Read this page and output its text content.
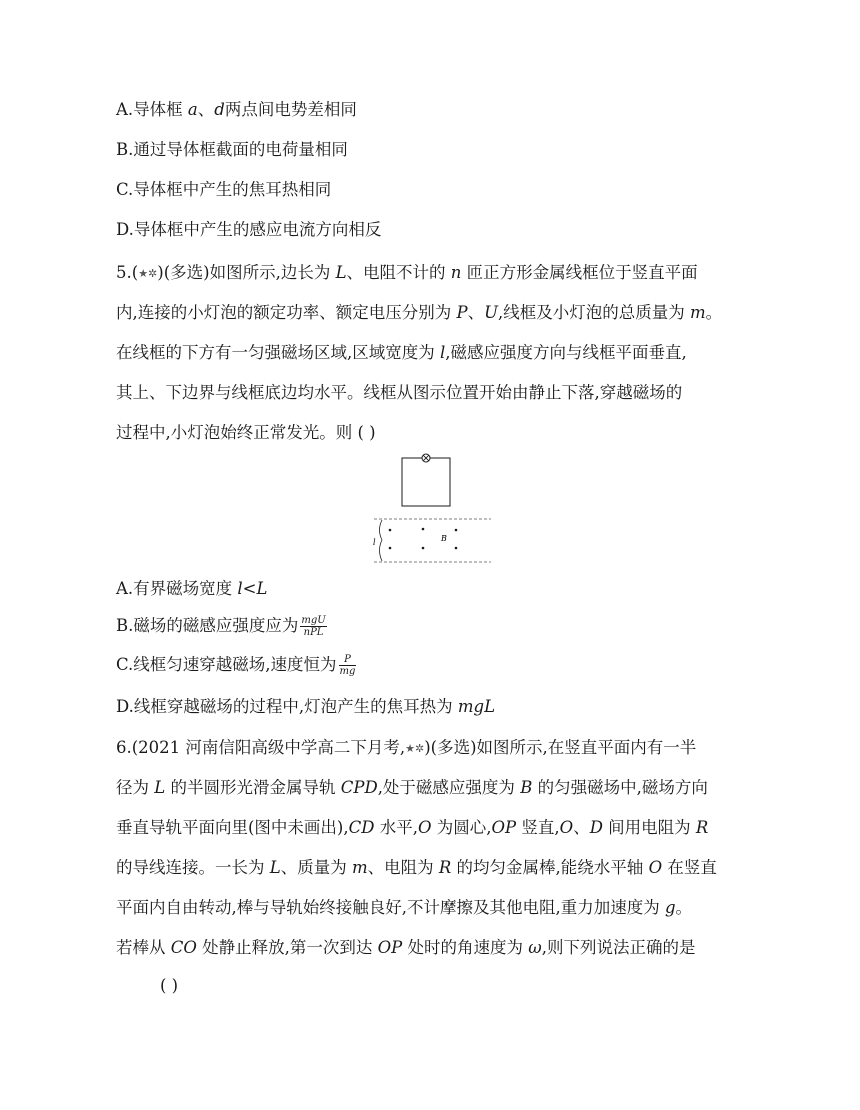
A.导体框 a、d两点间电势差相同
B.通过导体框截面的电荷量相同
C.导体框中产生的焦耳热相同
D.导体框中产生的感应电流方向相反
5.(★✲)(多选)如图所示,边长为 L、电阻不计的 n 匝正方形金属线框位于竖直平面
内,连接的小灯泡的额定功率、额定电压分别为 P、U,线框及小灯泡的总质量为 m。
在线框的下方有一匀强磁场区域,区域宽度为 l,磁感应强度方向与线框平面垂直,
其上、下边界与线框底边均水平。线框从图示位置开始由静止下落,穿越磁场的
过程中,小灯泡始终正常发光。则 ( )
l	B
A.有界磁场宽度 l<L
B.磁场的磁感应强度应为 $\frac{\text{mgU}}{\text{nPL}}$
C.线框匀速穿越磁场,速度恒为 $\frac{P}{mg}$
D.线框穿越磁场的过程中,灯泡产生的焦耳热为 mgL
6.(2021 河南信阳高级中学高二下月考,★✲)(多选)如图所示,在竖直平面内有一半
径为 L 的半圆形光滑金属导轨 CPD,处于磁感应强度为 B 的匀强磁场中,磁场方向
垂直导轨平面向里(图中未画出),CD 水平,O 为圆心,OP 竖直,O、D 间用电阻为 R
的导线连接。一长为 L、质量为 m、电阻为 R 的均匀金属棒,能绕水平轴 O 在竖直
平面内自由转动,棒与导轨始终接触良好,不计摩擦及其他电阻,重力加速度为 g。
若棒从 CO 处静止释放,第一次到达 OP 处时的角速度为 ω,则下列说法正确的是
( )
